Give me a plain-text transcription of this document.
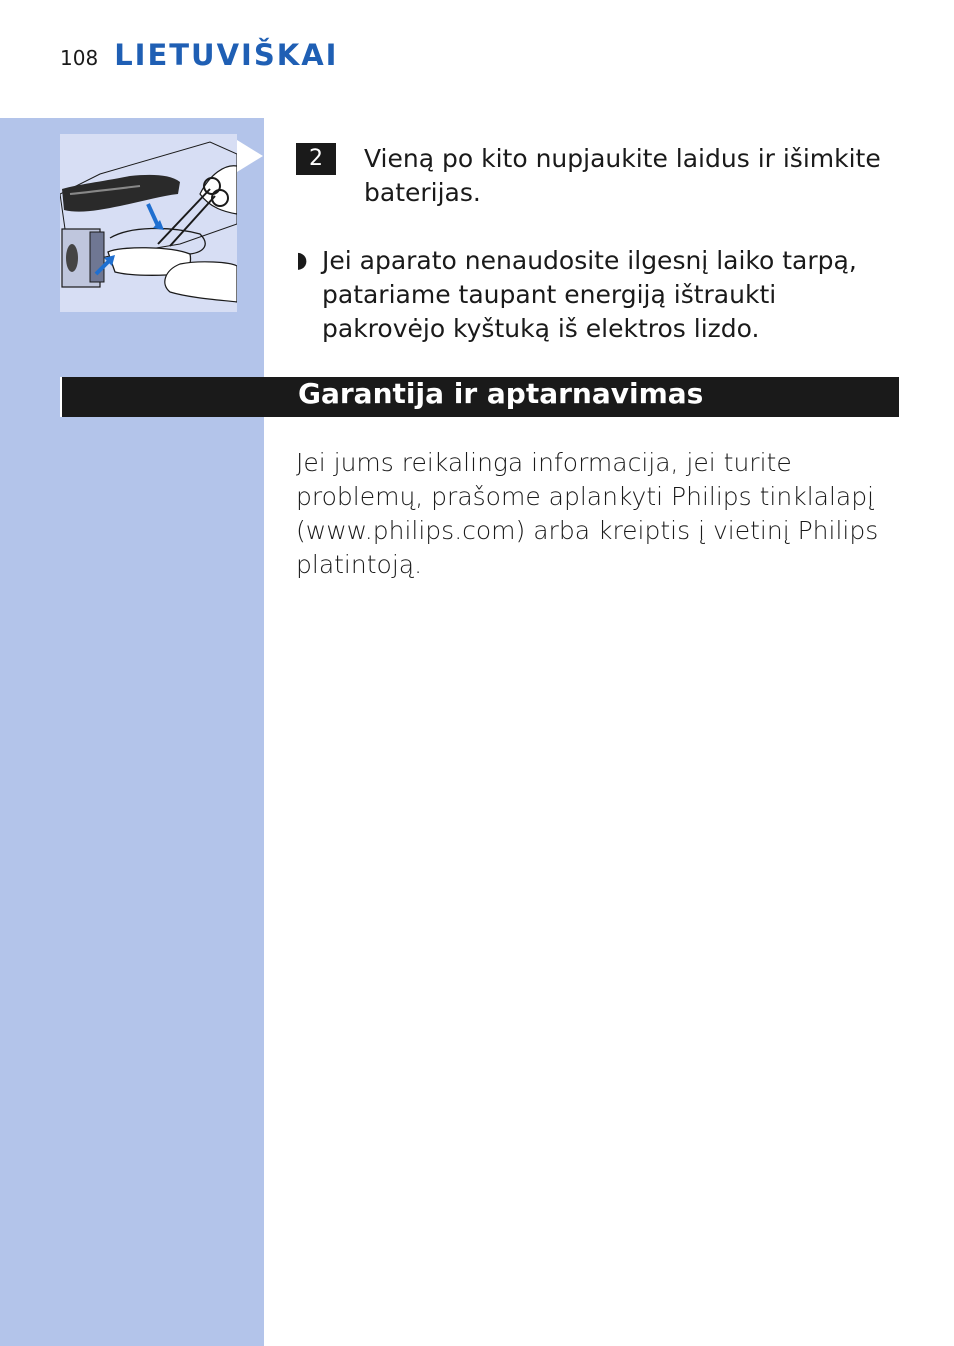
108 LIETUVIŠKAI
2	Vieną po kito nupjaukite laidus ir išimkite baterijas.
◗ Jei aparato nenaudosite ilgesnį laiko tarpą, patariame taupant energiją ištraukti pakrovėjo kyštuką iš elektros lizdo.
Garantija ir aptarnavimas
Jei jums reikalinga informacija, jei turite problemų, prašome aplankyti Philips tinklalapį (www.philips.com) arba kreiptis į vietinį Philips platintoją.
